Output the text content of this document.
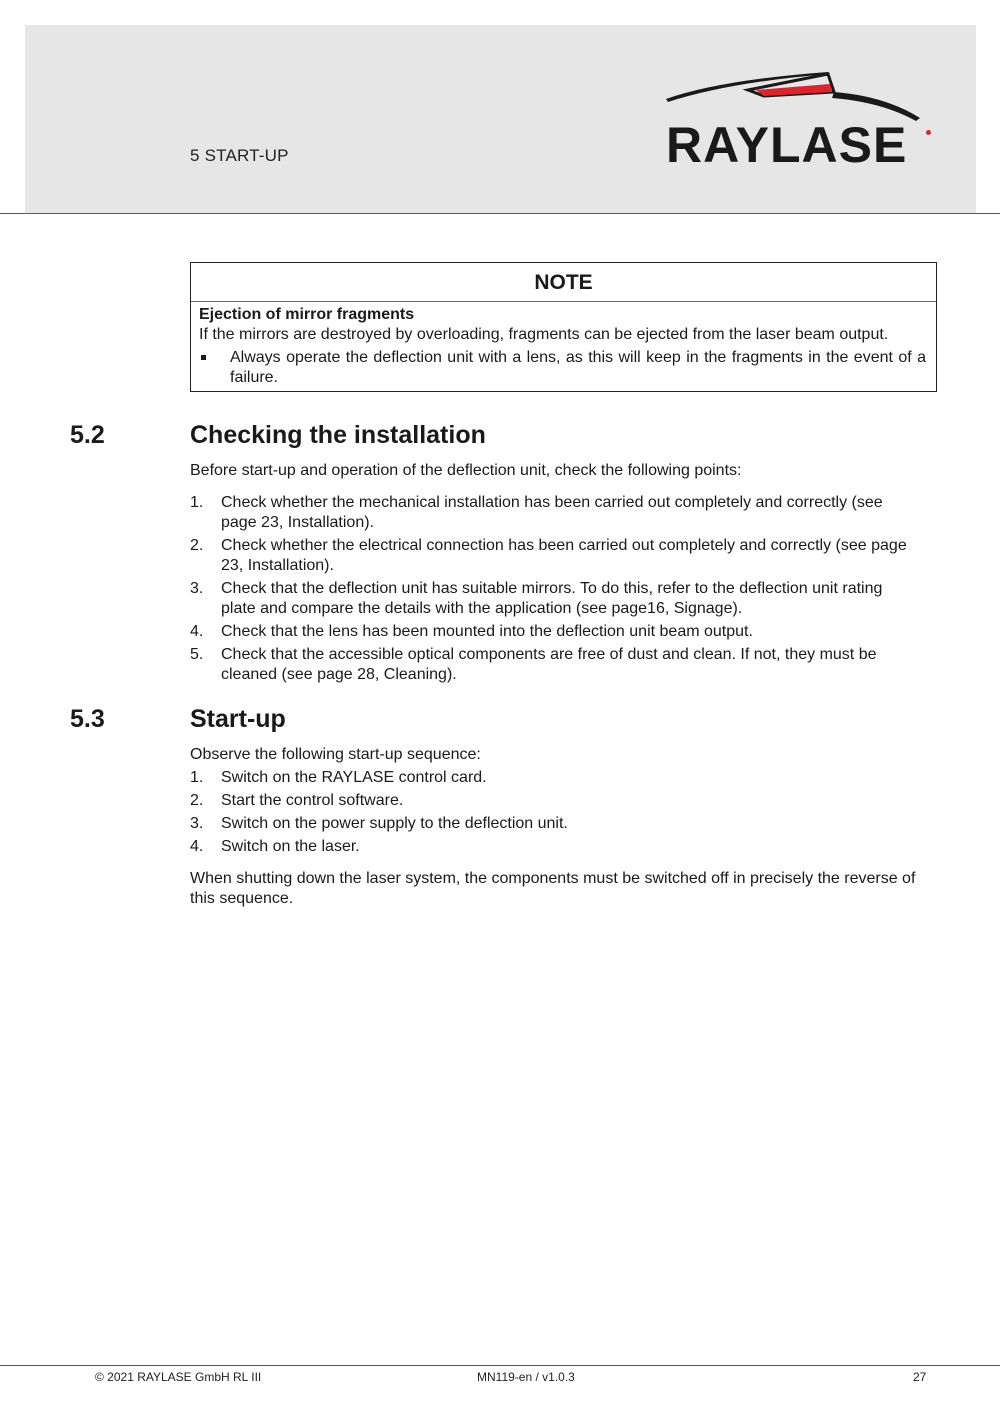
5 START-UP	RAYLASE
NOTE
Ejection of mirror fragments
If the mirrors are destroyed by overloading, fragments can be ejected from the laser beam output.
Always operate the deflection unit with a lens, as this will keep in the fragments in the event of a failure.
5.2	Checking the installation
Before start-up and operation of the deflection unit, check the following points:
1. Check whether the mechanical installation has been carried out completely and correctly (see page 23, Installation).
2. Check whether the electrical connection has been carried out completely and correctly (see page 23, Installation).
3. Check that the deflection unit has suitable mirrors. To do this, refer to the deflection unit rating plate and compare the details with the application (see page16, Signage).
4. Check that the lens has been mounted into the deflection unit beam output.
5. Check that the accessible optical components are free of dust and clean. If not, they must be cleaned (see page 28, Cleaning).
5.3	Start-up
Observe the following start-up sequence:
1. Switch on the RAYLASE control card.
2. Start the control software.
3. Switch on the power supply to the deflection unit.
4. Switch on the laser.
When shutting down the laser system, the components must be switched off in precisely the reverse of this sequence.
© 2021 RAYLASE GmbH RL III	MN119-en / v1.0.3	27
